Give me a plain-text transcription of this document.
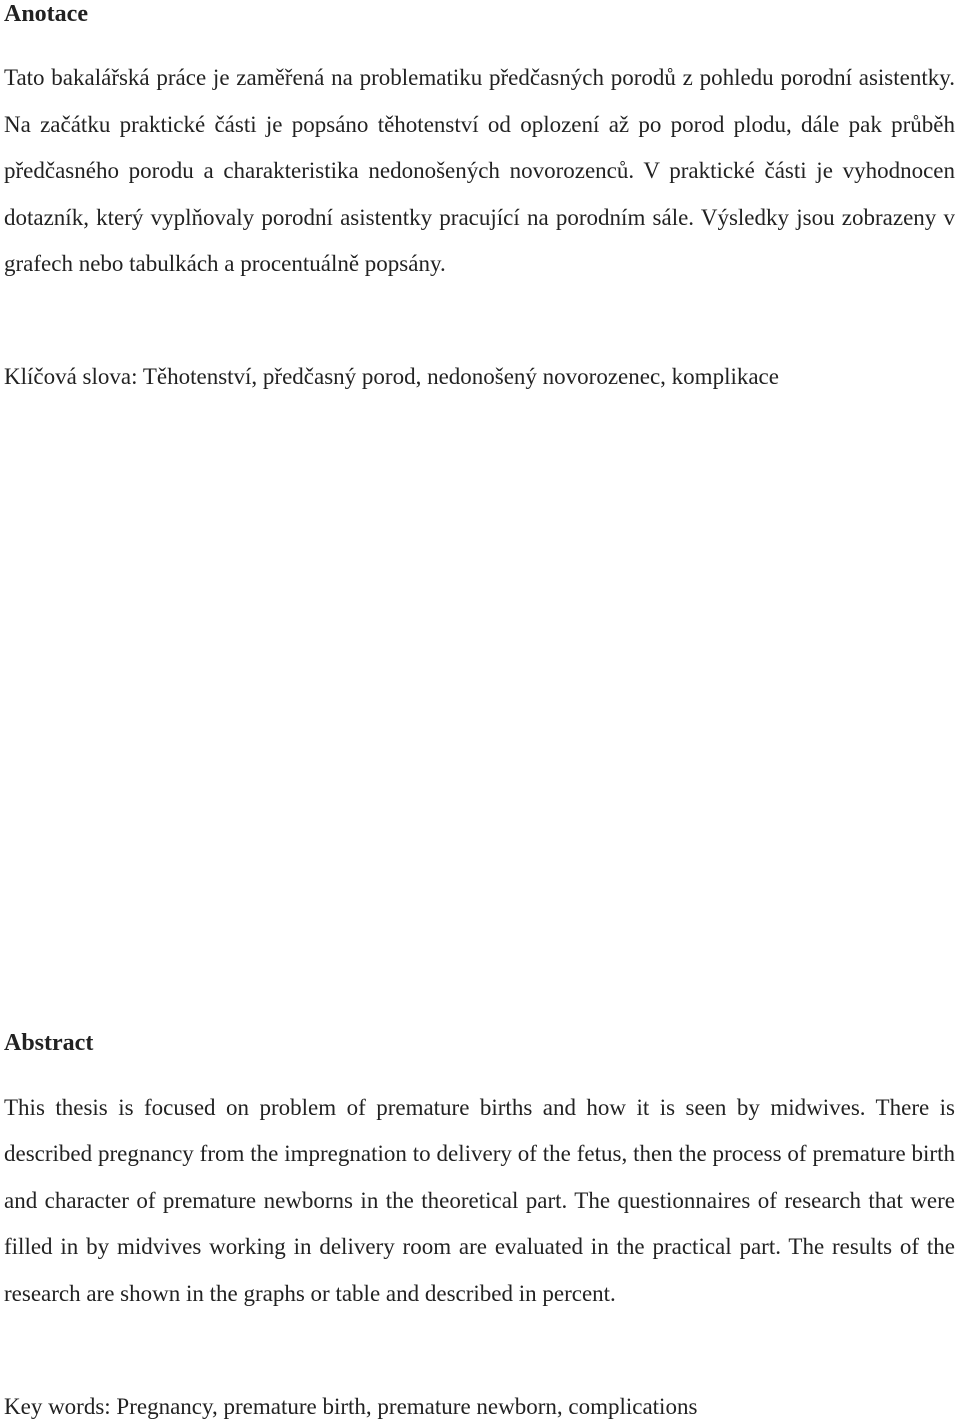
Anotace

Tato bakalářská práce je zaměřená na problematiku předčasných porodů z pohledu porodní asistentky. Na začátku praktické části je popsáno těhotenství od oplození až po porod plodu, dále pak průběh předčasného porodu a charakteristika nedonošených novorozenců. V praktické části je vyhodnocen dotazník, který vyplňovaly porodní asistentky pracující na porodním sále. Výsledky jsou zobrazeny v grafech nebo tabulkách a procentuálně popsány.

Klíčová slova: Těhotenství, předčasný porod, nedonošený novorozenec, komplikace

Abstract

This thesis is focused on problem of premature births and how it is seen by midwives. There is described pregnancy from the impregnation to delivery of the fetus, then the process of premature birth and character of premature newborns in the theoretical part. The questionnaires of research that were filled in by midvives working in delivery room are evaluated in the practical part. The results of the research are shown in the graphs or table and described in percent.

Key words: Pregnancy, premature birth, premature newborn, complications
